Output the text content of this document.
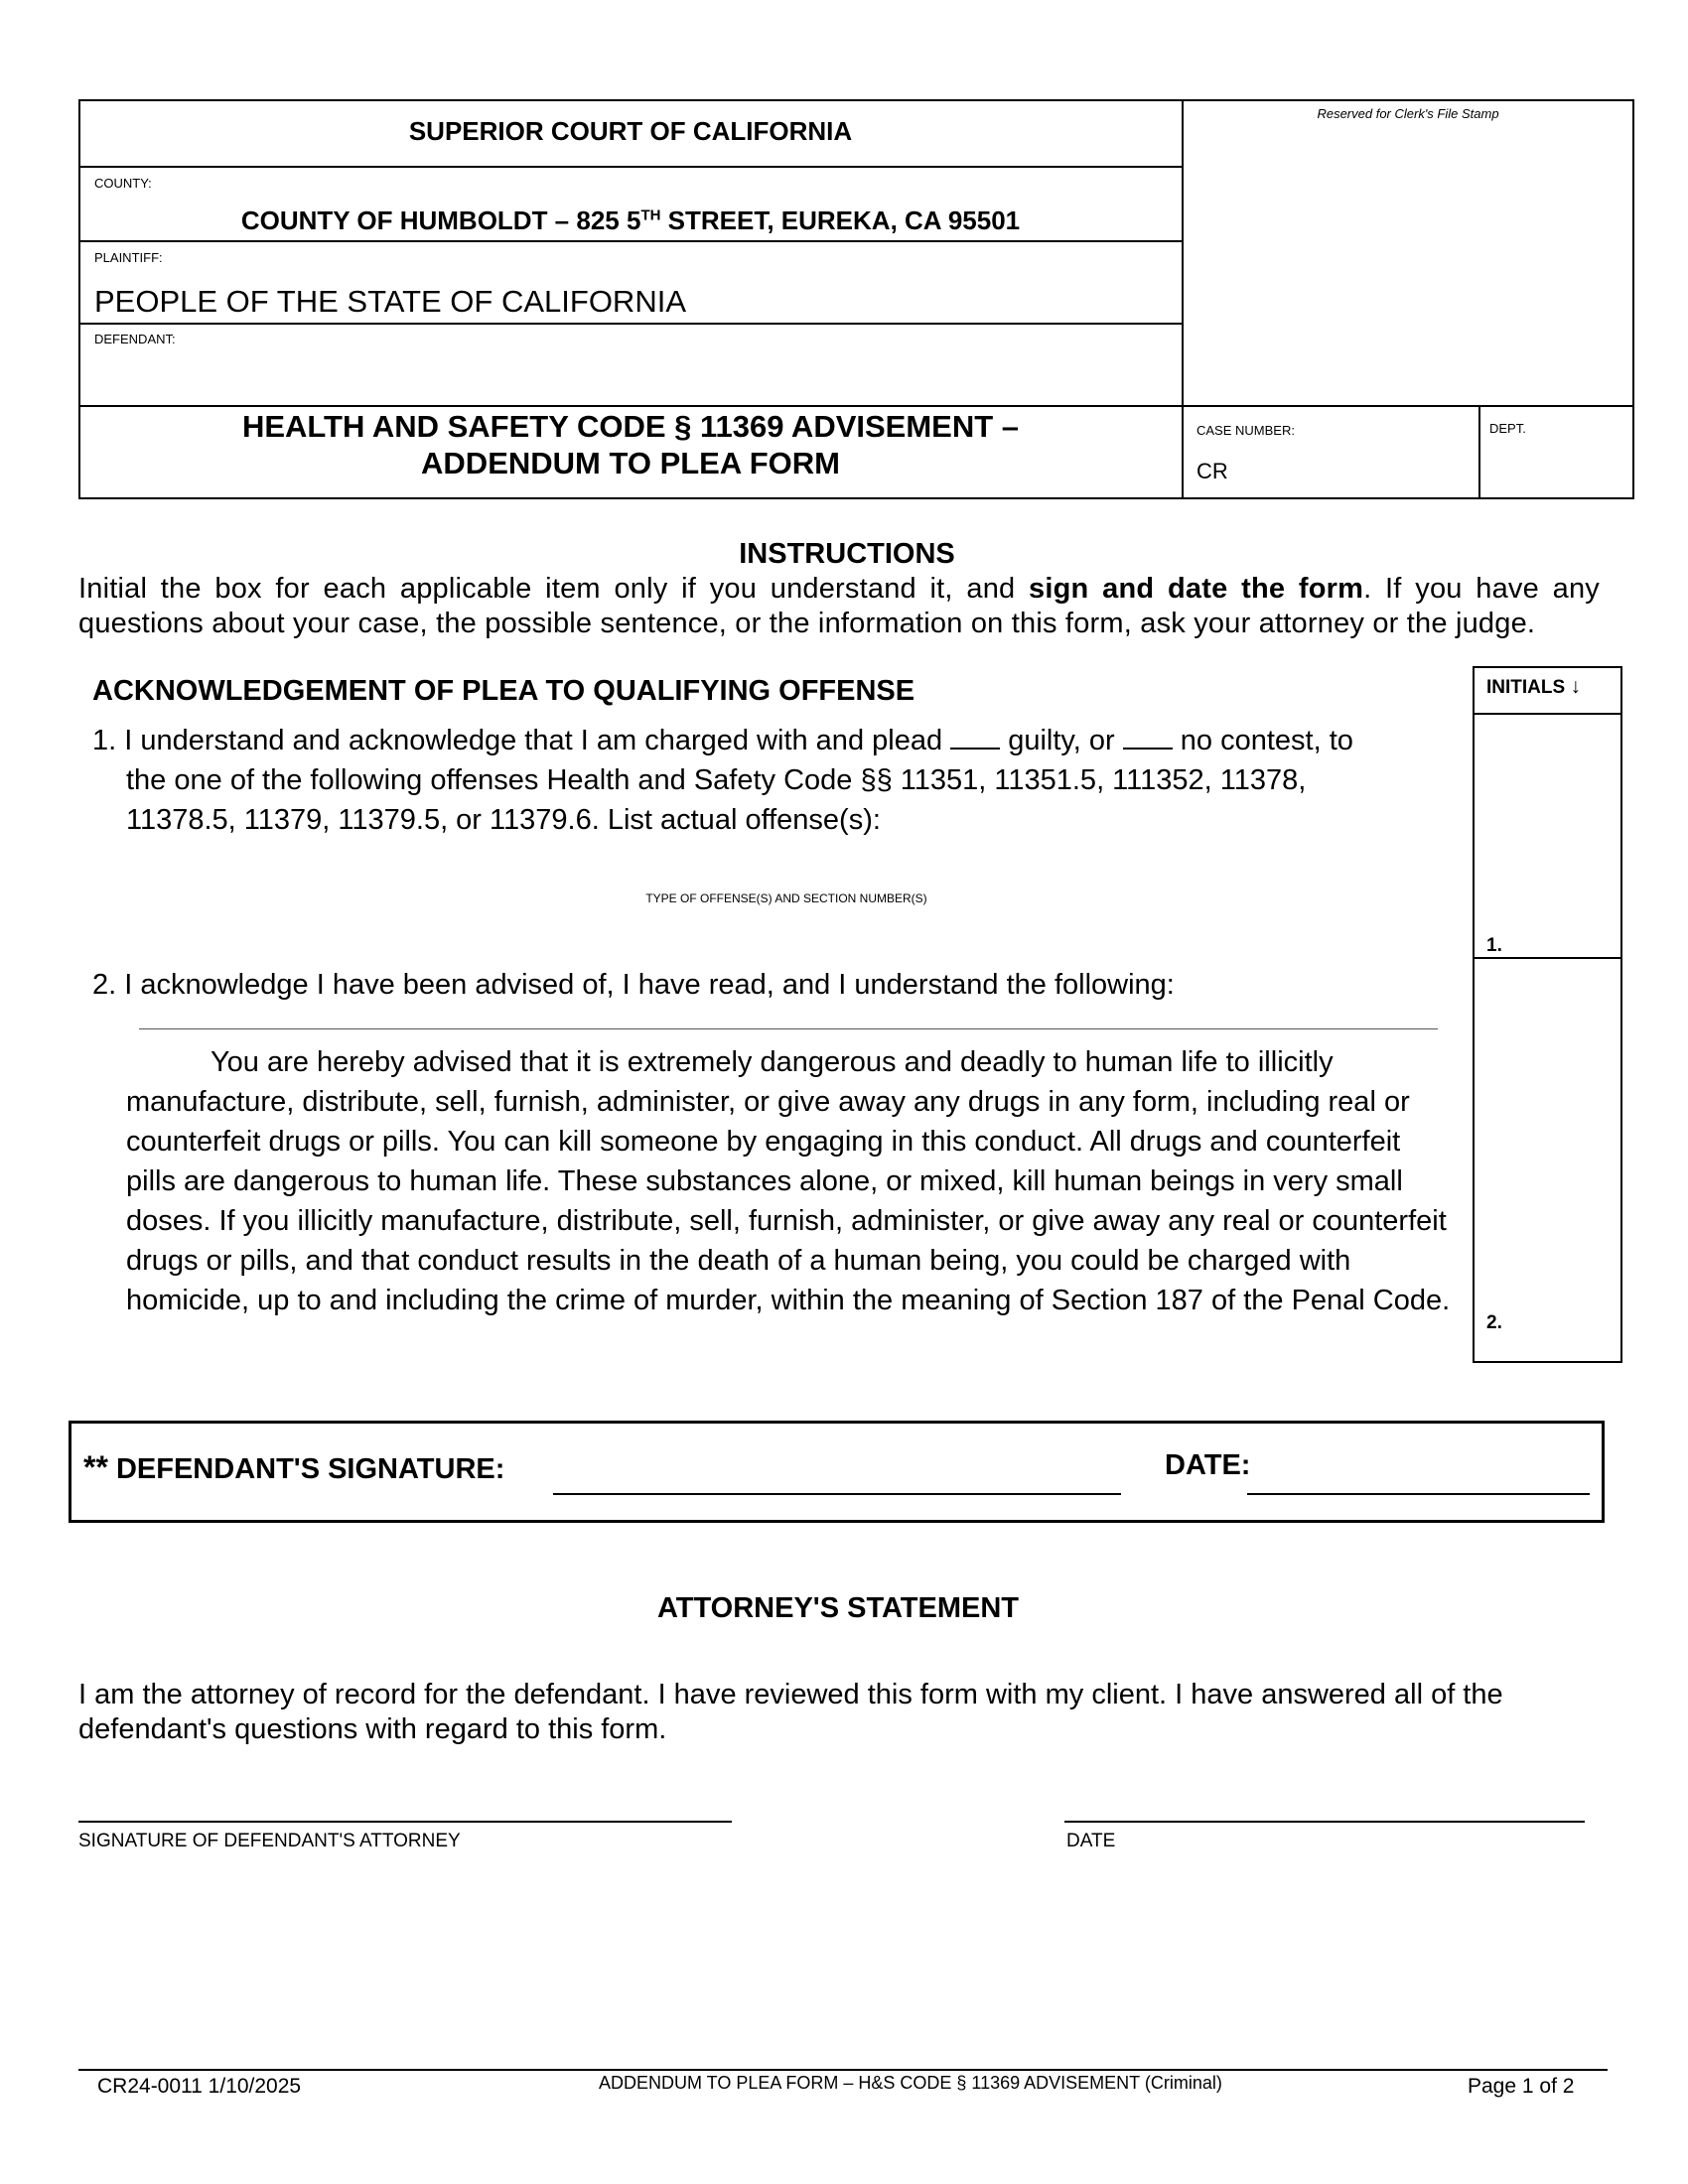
SUPERIOR COURT OF CALIFORNIA
Reserved for Clerk's File Stamp
COUNTY:
COUNTY OF HUMBOLDT – 825 5TH STREET, EUREKA, CA 95501
PLAINTIFF:
PEOPLE OF THE STATE OF CALIFORNIA
DEFENDANT:
HEALTH AND SAFETY CODE § 11369 ADVISEMENT –
ADDENDUM TO PLEA FORM
CASE NUMBER:
CR
DEPT.
INSTRUCTIONS
Initial the box for each applicable item only if you understand it, and sign and date the form. If you have any questions about your case, the possible sentence, or the information on this form, ask your attorney or the judge.
ACKNOWLEDGEMENT OF PLEA TO QUALIFYING OFFENSE	INITIALS ↓
1.
2.
1. I understand and acknowledge that I am charged with and plead  guilty, or  no contest, to
the one of the following offenses Health and Safety Code §§ 11351, 11351.5, 111352, 11378,
11378.5, 11379, 11379.5, or 11379.6. List actual offense(s):
TYPE OF OFFENSE(S) AND SECTION NUMBER(S)
2. I acknowledge I have been advised of, I have read, and I understand the following:
You are hereby advised that it is extremely dangerous and deadly to human life to illicitly manufacture, distribute, sell, furnish, administer, or give away any drugs in any form, including real or counterfeit drugs or pills. You can kill someone by engaging in this conduct. All drugs and counterfeit pills are dangerous to human life. These substances alone, or mixed, kill human beings in very small doses. If you illicitly manufacture, distribute, sell, furnish, administer, or give away any real or counterfeit drugs or pills, and that conduct results in the death of a human being, you could be charged with homicide, up to and including the crime of murder, within the meaning of Section 187 of the Penal Code.
** DEFENDANT'S SIGNATURE:	DATE:
ATTORNEY'S STATEMENT
I am the attorney of record for the defendant. I have reviewed this form with my client. I have answered all of the defendant's questions with regard to this form.
SIGNATURE OF DEFENDANT'S ATTORNEY	DATE
CR24-0011 1/10/2025	ADDENDUM TO PLEA FORM – H&S CODE § 11369 ADVISEMENT (Criminal)	Page 1 of 2
